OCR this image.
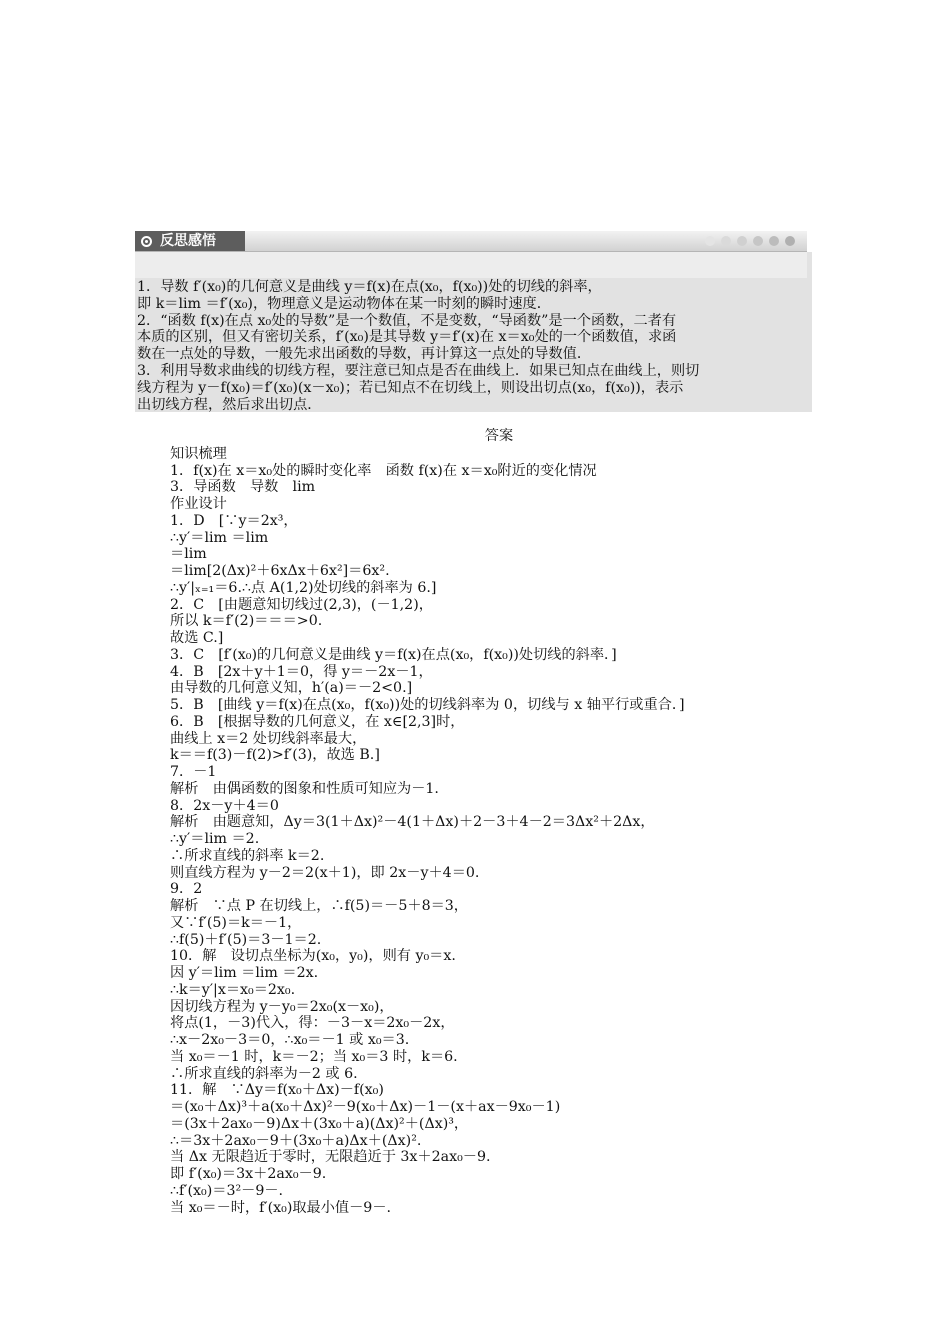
反思感悟

1．导数 f′(x₀)的几何意义是曲线 y＝f(x)在点(x₀，f(x₀))处的切线的斜率，

即 k＝lim ＝f′(x₀)，物理意义是运动物体在某一时刻的瞬时速度．

2．“函数 f(x)在点 x₀处的导数”是一个数值，不是变数，“导函数”是一个函数，二者有

本质的区别，但又有密切关系，f′(x₀)是其导数 y＝f′(x)在 x＝x₀处的一个函数值，求函

数在一点处的导数，一般先求出函数的导数，再计算这一点处的导数值．

3．利用导数求曲线的切线方程，要注意已知点是否在曲线上．如果已知点在曲线上，则切

线方程为 y－f(x₀)＝f′(x₀)(x－x₀)；若已知点不在切线上，则设出切点(x₀，f(x₀))，表示

出切线方程，然后求出切点．

答案

知识梳理

1．f(x)在 x＝x₀处的瞬时变化率　函数 f(x)在 x＝x₀附近的变化情况

3．导函数　导数　lim

作业设计

1．D　[∵y＝2x³，

∴y′＝lim ＝lim

＝lim

＝lim[2(Δx)²＋6xΔx＋6x²]＝6x².

∴y′|ₓ₌₁＝6.∴点 A(1,2)处切线的斜率为 6.]

2．C　[由题意知切线过(2,3)，(－1,2)，

所以 k＝f′(2)＝＝＝>0.

故选 C.]

3．C　[f′(x₀)的几何意义是曲线 y＝f(x)在点(x₀，f(x₀))处切线的斜率．]

4．B　[2x＋y＋1＝0，得 y＝－2x－1，

由导数的几何意义知，h′(a)＝－2<0.]

5．B　[曲线 y＝f(x)在点(x₀，f(x₀))处的切线斜率为 0，切线与 x 轴平行或重合．]

6．B　[根据导数的几何意义，在 x∈[2,3]时，

曲线上 x＝2 处切线斜率最大，

k＝＝f(3)－f(2)>f′(3)，故选 B.]

7．－1

解析　由偶函数的图象和性质可知应为－1.

8．2x－y＋4＝0

解析　由题意知，Δy＝3(1＋Δx)²－4(1＋Δx)＋2－3＋4－2＝3Δx²＋2Δx，

∴y′＝lim ＝2.

∴所求直线的斜率 k＝2.

则直线方程为 y－2＝2(x＋1)，即 2x－y＋4＝0.

9．2

解析　∵点 P 在切线上，∴f(5)＝－5＋8＝3，

又∵f′(5)＝k＝－1，

∴f(5)＋f′(5)＝3－1＝2.

10．解　设切点坐标为(x₀，y₀)，则有 y₀＝x.

因 y′＝lim ＝lim ＝2x.

∴k＝y′|x＝x₀＝2x₀.

因切线方程为 y－y₀＝2x₀(x－x₀)，

将点(1，－3)代入，得：－3－x＝2x₀－2x，

∴x－2x₀－3＝0，∴x₀＝－1 或 x₀＝3.

当 x₀＝－1 时，k＝－2；当 x₀＝3 时，k＝6.

∴所求直线的斜率为－2 或 6.

11．解　∵Δy＝f(x₀＋Δx)－f(x₀)

＝(x₀＋Δx)³＋a(x₀＋Δx)²－9(x₀＋Δx)－1－(x＋ax－9x₀－1)

＝(3x＋2ax₀－9)Δx＋(3x₀＋a)(Δx)²＋(Δx)³，

∴＝3x＋2ax₀－9＋(3x₀＋a)Δx＋(Δx)².

当 Δx 无限趋近于零时，无限趋近于 3x＋2ax₀－9.

即 f′(x₀)＝3x＋2ax₀－9.

∴f′(x₀)＝3²－9－.

当 x₀＝－时，f′(x₀)取最小值－9－.
